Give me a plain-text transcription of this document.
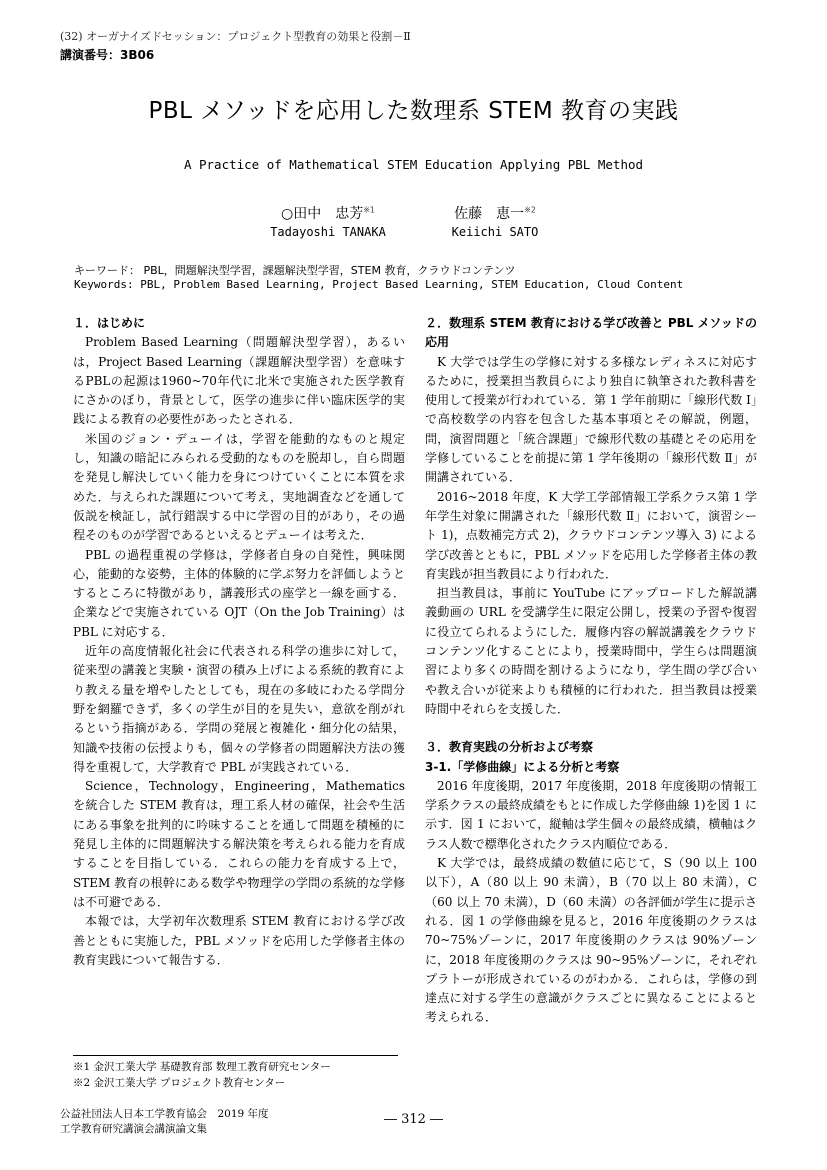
(32) オーガナイズドセッション：プロジェクト型教育の効果と役割－Ⅱ
講演番号：3B06
PBL メソッドを応用した数理系 STEM 教育の実践
A Practice of Mathematical STEM Education Applying PBL Method
○田中　忠芳$^{※1}$
Tadayoshi TANAKA
佐藤　恵一$^{※2}$
Keiichi SATO
キーワード： PBL，問題解決型学習，課題解決型学習，STEM 教育，クラウドコンテンツ
Keywords: PBL, Problem Based Learning, Project Based Learning, STEM Education, Cloud Content
１．はじめに

Problem Based Learning（問題解決型学習），あるいは，Project Based Learning（課題解決型学習）を意味するPBLの起源は1960~70年代に北米で実施された医学教育にさかのぼり，背景として，医学の進歩に伴い臨床医学的実践による教育の必要性があったとされる．

米国のジョン・デューイは，学習を能動的なものと規定し，知識の暗記にみられる受動的なものを脱却し，自ら問題を発見し解決していく能力を身につけていくことに本質を求めた．与えられた課題について考え，実地調査などを通して仮説を検証し，試行錯誤する中に学習の目的があり，その過程そのものが学習であるといえるとデューイは考えた．

PBL の過程重視の学修は，学修者自身の自発性，興味関心，能動的な姿勢，主体的体験的に学ぶ努力を評価しようとするところに特徴があり，講義形式の座学と一線を画する．企業などで実施されている OJT（On the Job Training）は PBL に対応する．

近年の高度情報化社会に代表される科学の進歩に対して，従来型の講義と実験・演習の積み上げによる系統的教育により教える量を増やしたとしても，現在の多岐にわたる学問分野を網羅できず，多くの学生が目的を見失い，意欲を削がれるという指摘がある．学問の発展と複雑化・細分化の結果，知識や技術の伝授よりも，個々の学修者の問題解決方法の獲得を重視して，大学教育で PBL が実践されている．

Science，Technology，Engineering，Mathematics を統合した STEM 教育は，理工系人材の確保，社会や生活にある事象を批判的に吟味することを通して問題を積極的に発見し主体的に問題解決する解決策を考えられる能力を育成することを目指している．これらの能力を育成する上で，STEM 教育の根幹にある数学や物理学の学問の系統的な学修は不可避である．

本報では，大学初年次数理系 STEM 教育における学び改善とともに実施した，PBL メソッドを応用した学修者主体の教育実践について報告する．

２．数理系 STEM 教育における学び改善と PBL メソッドの応用

K 大学では学生の学修に対する多様なレディネスに対応するために，授業担当教員らにより独自に執筆された教科書を使用して授業が行われている．第 1 学年前期に「線形代数 Ⅰ」で高校数学の内容を包含した基本事項とその解説，例題，問，演習問題と「統合課題」で線形代数の基礎とその応用を学修していることを前提に第 1 学年後期の「線形代数 Ⅱ」が開講されている．

2016~2018 年度，K 大学工学部情報工学系クラス第 1 学年学生対象に開講された「線形代数 Ⅱ」において，演習シート 1)，点数補完方式 2)，クラウドコンテンツ導入 3) による学び改善とともに，PBL メソッドを応用した学修者主体の教育実践が担当教員により行われた．

担当教員は，事前に YouTube にアップロードした解説講義動画の URL を受講学生に限定公開し，授業の予習や復習に役立てられるようにした．履修内容の解説講義をクラウドコンテンツ化することにより，授業時間中，学生らは問題演習により多くの時間を割けるようになり，学生間の学び合いや教え合いが従来よりも積極的に行われた．担当教員は授業時間中それらを支援した．

３．教育実践の分析および考察
3-1.「学修曲線」による分析と考察

2016 年度後期，2017 年度後期，2018 年度後期の情報工学系クラスの最終成績をもとに作成した学修曲線 1)を図 1 に示す．図 1 において，縦軸は学生個々の最終成績，横軸はクラス人数で標準化されたクラス内順位である．

K 大学では，最終成績の数値に応じて，S（90 以上 100 以下），A（80 以上 90 未満），B（70 以上 80 未満），C（60 以上 70 未満），D（60 未満）の各評価が学生に提示される．図 1 の学修曲線を見ると，2016 年度後期のクラスは 70~75%ゾーンに，2017 年度後期のクラスは 90%ゾーンに，2018 年度後期のクラスは 90~95%ゾーンに，それぞれプラトーが形成されているのがわかる．これらは，学修の到達点に対する学生の意識がクラスごとに異なることによると考えられる．

※1 金沢工業大学 基礎教育部 数理工教育研究センター
※2 金沢工業大学 プロジェクト教育センター
公益社団法人日本工学教育協会　2019 年度
工学教育研究講演会講演論文集
― 312 ―
